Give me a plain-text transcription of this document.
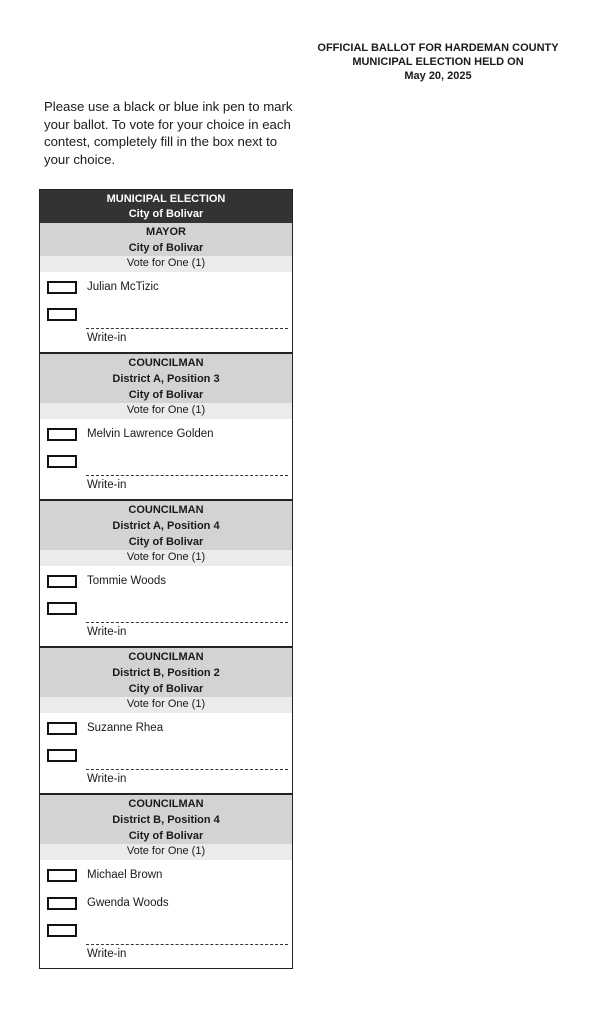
OFFICIAL BALLOT FOR HARDEMAN COUNTY
MUNICIPAL ELECTION HELD ON
May 20, 2025
Please use a black or blue ink pen to mark your ballot. To vote for your choice in each contest, completely fill in the box next to your choice.
MUNICIPAL ELECTION
City of Bolivar
MAYOR
City of Bolivar
Vote for One (1)
Julian McTizic
Write-in
COUNCILMAN
District A, Position 3
City of Bolivar
Vote for One (1)
Melvin Lawrence Golden
Write-in
COUNCILMAN
District A, Position 4
City of Bolivar
Vote for One (1)
Tommie Woods
Write-in
COUNCILMAN
District B, Position 2
City of Bolivar
Vote for One (1)
Suzanne Rhea
Write-in
COUNCILMAN
District B, Position 4
City of Bolivar
Vote for One (1)
Michael Brown
Gwenda Woods
Write-in
